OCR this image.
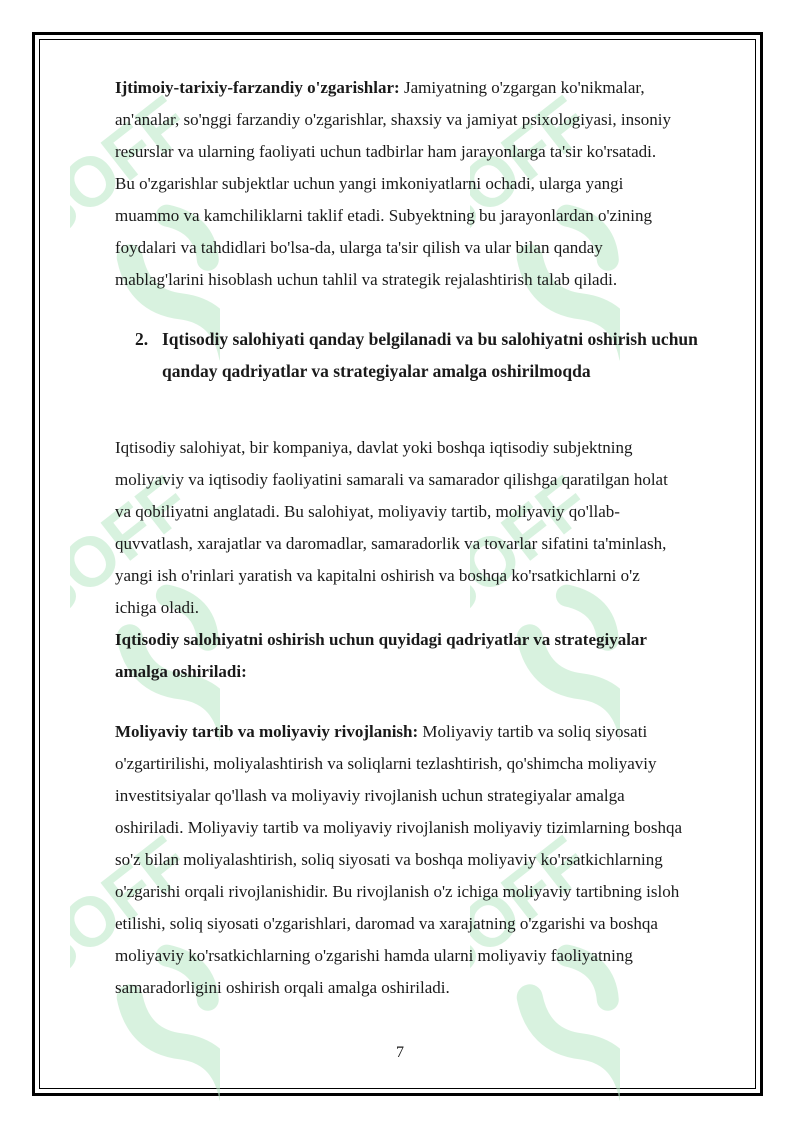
SOFF	SOFF
SOFF	SOFF
SOFF	SOFF

Ijtimoiy-tarixiy-farzandiy o'zgarishlar: Jamiyatning o'zgargan ko'nikmalar,
an'analar, so'nggi farzandiy o'zgarishlar, shaxsiy va jamiyat psixologiyasi, insoniy
resurslar va ularning faoliyati uchun tadbirlar ham jarayonlarga ta'sir ko'rsatadi.
Bu o'zgarishlar subjektlar uchun yangi imkoniyatlarni ochadi, ularga yangi
muammo va kamchiliklarni taklif etadi. Subyektning bu jarayonlardan o'zining
foydalari va tahdidlari bo'lsa-da, ularga ta'sir qilish va ular bilan qanday
mablag'larini hisoblash uchun tahlil va strategik rejalashtirish talab qiladi.

2. Iqtisodiy salohiyati qanday belgilanadi va bu salohiyatni oshirish uchun
qanday qadriyatlar va strategiyalar amalga oshirilmoqda

Iqtisodiy salohiyat, bir kompaniya, davlat yoki boshqa iqtisodiy subjektning
moliyaviy va iqtisodiy faoliyatini samarali va samarador qilishga qaratilgan holat
va qobiliyatni anglatadi. Bu salohiyat, moliyaviy tartib, moliyaviy qo'llab-
quvvatlash, xarajatlar va daromadlar, samaradorlik va tovarlar sifatini ta'minlash,
yangi ish o'rinlari yaratish va kapitalni oshirish va boshqa ko'rsatkichlarni o'z
ichiga oladi.

Iqtisodiy salohiyatni oshirish uchun quyidagi qadriyatlar va strategiyalar
amalga oshiriladi:

Moliyaviy tartib va moliyaviy rivojlanish: Moliyaviy tartib va soliq siyosati
o'zgartirilishi, moliyalashtirish va soliqlarni tezlashtirish, qo'shimcha moliyaviy
investitsiyalar qo'llash va moliyaviy rivojlanish uchun strategiyalar amalga
oshiriladi. Moliyaviy tartib va moliyaviy rivojlanish moliyaviy tizimlarning boshqa
so'z bilan moliyalashtirish, soliq siyosati va boshqa moliyaviy ko'rsatkichlarning
o'zgarishi orqali rivojlanishidir. Bu rivojlanish o'z ichiga moliyaviy tartibning isloh
etilishi, soliq siyosati o'zgarishlari, daromad va xarajatning o'zgarishi va boshqa
moliyaviy ko'rsatkichlarning o'zgarishi hamda ularni moliyaviy faoliyatning
samaradorligini oshirish orqali amalga oshiriladi.

7
